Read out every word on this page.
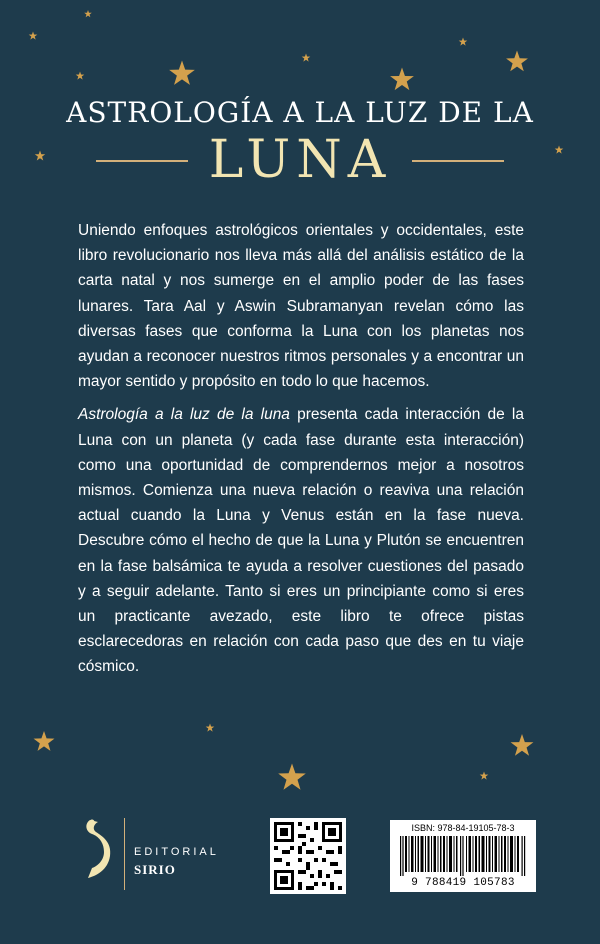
ASTROLOGÍA A LA LUZ DE LA
LUNA

Uniendo enfoques astrológicos orientales y occidentales, este libro revolucionario nos lleva más allá del análisis estático de la carta natal y nos sumerge en el amplio poder de las fases lunares. Tara Aal y Aswin Subramanyan revelan cómo las diversas fases que conforma la Luna con los planetas nos ayudan a reconocer nuestros ritmos personales y a encontrar un mayor sentido y propósito en todo lo que hacemos.

Astrología a la luz de la luna presenta cada interacción de la Luna con un planeta (y cada fase durante esta interacción) como una oportunidad de comprendernos mejor a nosotros mismos. Comienza una nueva relación o reaviva una relación actual cuando la Luna y Venus están en la fase nueva. Descubre cómo el hecho de que la Luna y Plutón se encuentren en la fase balsámica te ayuda a resolver cuestiones del pasado y a seguir adelante. Tanto si eres un principiante como si eres un practicante avezado, este libro te ofrece pistas esclarecedoras en relación con cada paso que des en tu viaje cósmico.

EDITORIAL
SIRIO
ISBN: 978-84-19105-78-3
9 788419 105783
